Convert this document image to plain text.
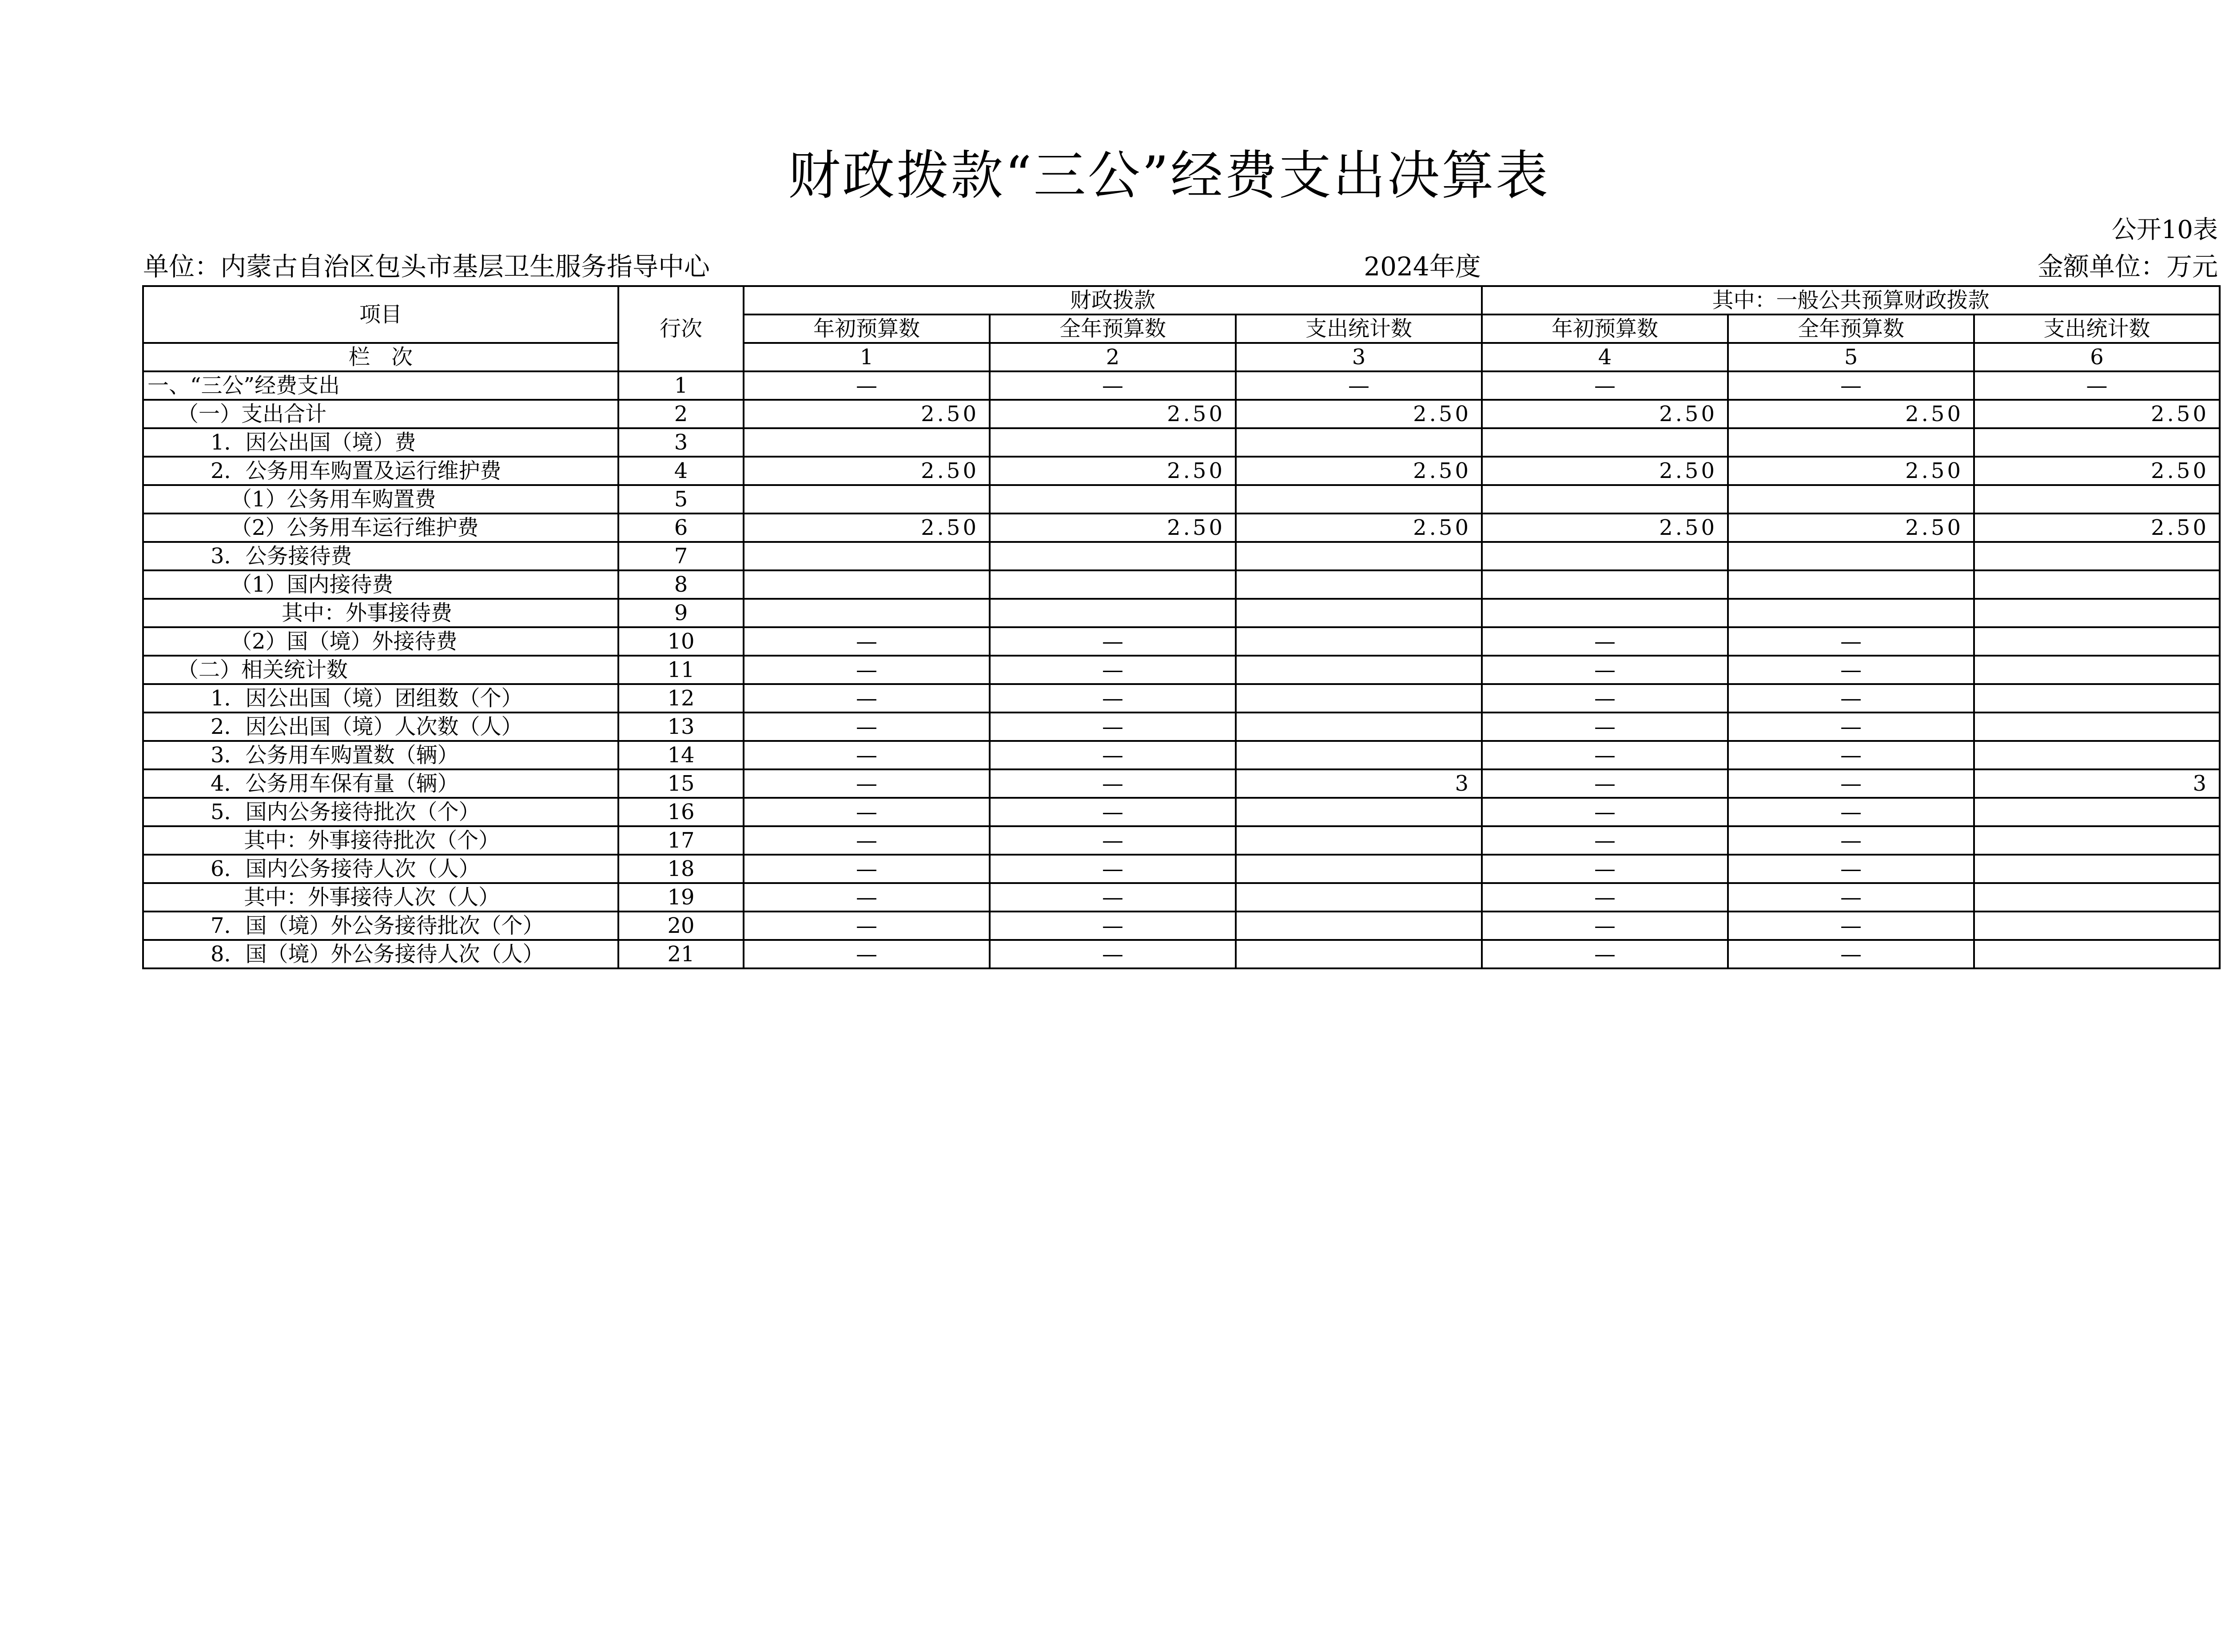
财政拨款“三公”经费支出决算表
公开10表
单位：内蒙古自治区包头市基层卫生服务指导中心	2024年度	金额单位：万元
项目	行次	财政拨款			其中：一般公共预算财政拨款		
		年初预算数	全年预算数	支出统计数	年初预算数	全年预算数	支出统计数
栏　次		1	2	3	4	5	6
一、“三公”经费支出	1	—	—	—	—	—	—
（一）支出合计	2	2.50	2.50	2.50	2.50	2.50	2.50
1．因公出国（境）费	3						
2．公务用车购置及运行维护费	4	2.50	2.50	2.50	2.50	2.50	2.50
（1）公务用车购置费	5						
（2）公务用车运行维护费	6	2.50	2.50	2.50	2.50	2.50	2.50
3．公务接待费	7						
（1）国内接待费	8						
其中：外事接待费	9						
（2）国（境）外接待费	10	—	—		—	—	
（二）相关统计数	11	—	—		—	—	
1．因公出国（境）团组数（个）	12	—	—		—	—	
2．因公出国（境）人次数（人）	13	—	—		—	—	
3．公务用车购置数（辆）	14	—	—		—	—	
4．公务用车保有量（辆）	15	—	—	3	—	—	3
5．国内公务接待批次（个）	16	—	—		—	—	
其中：外事接待批次（个）	17	—	—		—	—	
6．国内公务接待人次（人）	18	—	—		—	—	
其中：外事接待人次（人）	19	—	—		—	—	
7．国（境）外公务接待批次（个）	20	—	—		—	—	
8．国（境）外公务接待人次（人）	21	—	—		—	—	
